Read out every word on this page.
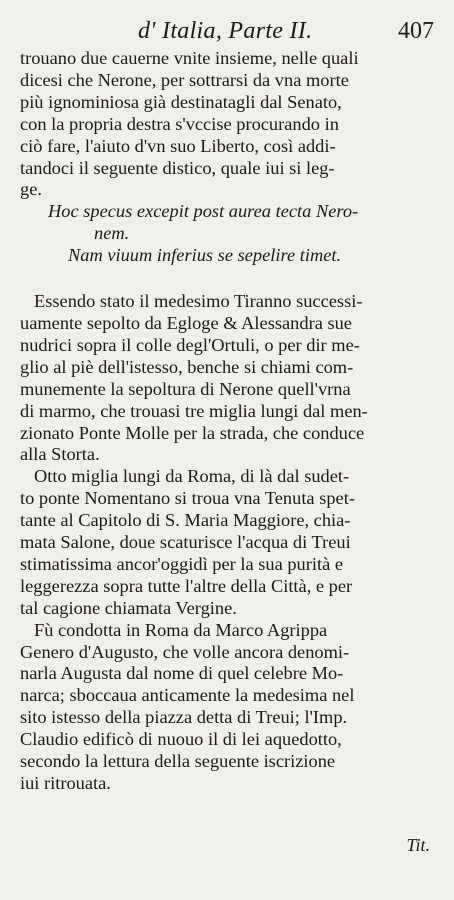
d' Italia, Parte II.	407
trouano due cauerne vnite insieme, nelle quali
dicesi che Nerone, per sottrarsi da vna morte
più ignominiosa già destinatagli dal Senato,
con la propria destra s'vccise procurando in
ciò fare, l'aiuto d'vn suo Liberto, così addi-
tandoci il seguente distico, quale iui si leg-
ge.
Hoc specus excepit post aurea tecta Nero-
nem.
Nam viuum inferius se sepelire timet.
Essendo stato il medesimo Tiranno successi-
uamente sepolto da Egloge & Alessandra sue
nudrici sopra il colle degl'Ortuli, o per dir me-
glio al piè dell'istesso, benche si chiami com-
munemente la sepoltura di Nerone quell'vrna
di marmo, che trouasi tre miglia lungi dal men-
zionato Ponte Molle per la strada, che conduce
alla Storta.
Otto miglia lungi da Roma, di là dal sudet-
to ponte Nomentano si troua vna Tenuta spet-
tante al Capitolo di S. Maria Maggiore, chia-
mata Salone, doue scaturisce l'acqua di Treui
stimatissima ancor'oggidì per la sua purità e
leggerezza sopra tutte l'altre della Città, e per
tal cagione chiamata Vergine.
Fù condotta in Roma da Marco Agrippa
Genero d'Augusto, che volle ancora denomi-
narla Augusta dal nome di quel celebre Mo-
narca; sboccaua anticamente la medesima nel
sito istesso della piazza detta di Treui; l'Imp.
Claudio edificò di nuouo il di lei aquedotto,
secondo la lettura della seguente iscrizione
iui ritrouata.
Tit.
